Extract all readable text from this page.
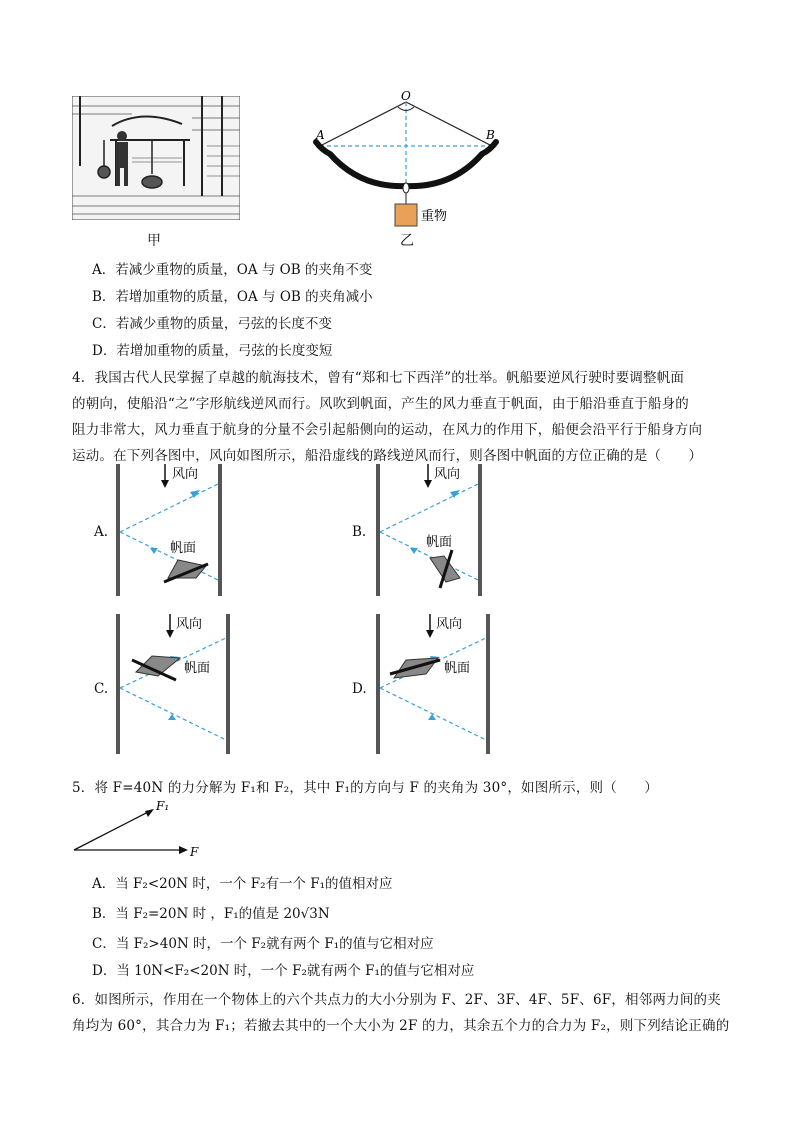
甲
O
A	B
重物
乙
A．若减少重物的质量，OA 与 OB 的夹角不变
B．若增加重物的质量，OA 与 OB 的夹角减小
C．若减少重物的质量，弓弦的长度不变
D．若增加重物的质量，弓弦的长度变短
4．我国古代人民掌握了卓越的航海技术，曾有“郑和七下西洋”的壮举。帆船要逆风行驶时要调整帆面
的朝向，使船沿“之”字形航线逆风而行。风吹到帆面，产生的风力垂直于帆面，由于船沿垂直于船身的
阻力非常大，风力垂直于航身的分量不会引起船侧向的运动，在风力的作用下，船便会沿平行于船身方向
运动。在下列各图中，风向如图所示，船沿虚线的路线逆风而行，则各图中帆面的方位正确的是（　　）
A.
风向
帆面
B.
风向
帆面
C.
风向
帆面
D.
风向
帆面
5．将 F=40N 的力分解为 F₁和 F₂，其中 F₁的方向与 F 的夹角为 30°，如图所示，则（　　）
F₁
F
A．当 F₂<20N 时，一个 F₂有一个 F₁的值相对应
B．当 F₂=20N 时 ，F₁的值是 20√3N
C．当 F₂>40N 时，一个 F₂就有两个 F₁的值与它相对应
D．当 10N<F₂<20N 时，一个 F₂就有两个 F₁的值与它相对应
6．如图所示，作用在一个物体上的六个共点力的大小分别为 F、2F、3F、4F、5F、6F，相邻两力间的夹
角均为 60°，其合力为 F₁；若撤去其中的一个大小为 2F 的力，其余五个力的合力为 F₂，则下列结论正确的
